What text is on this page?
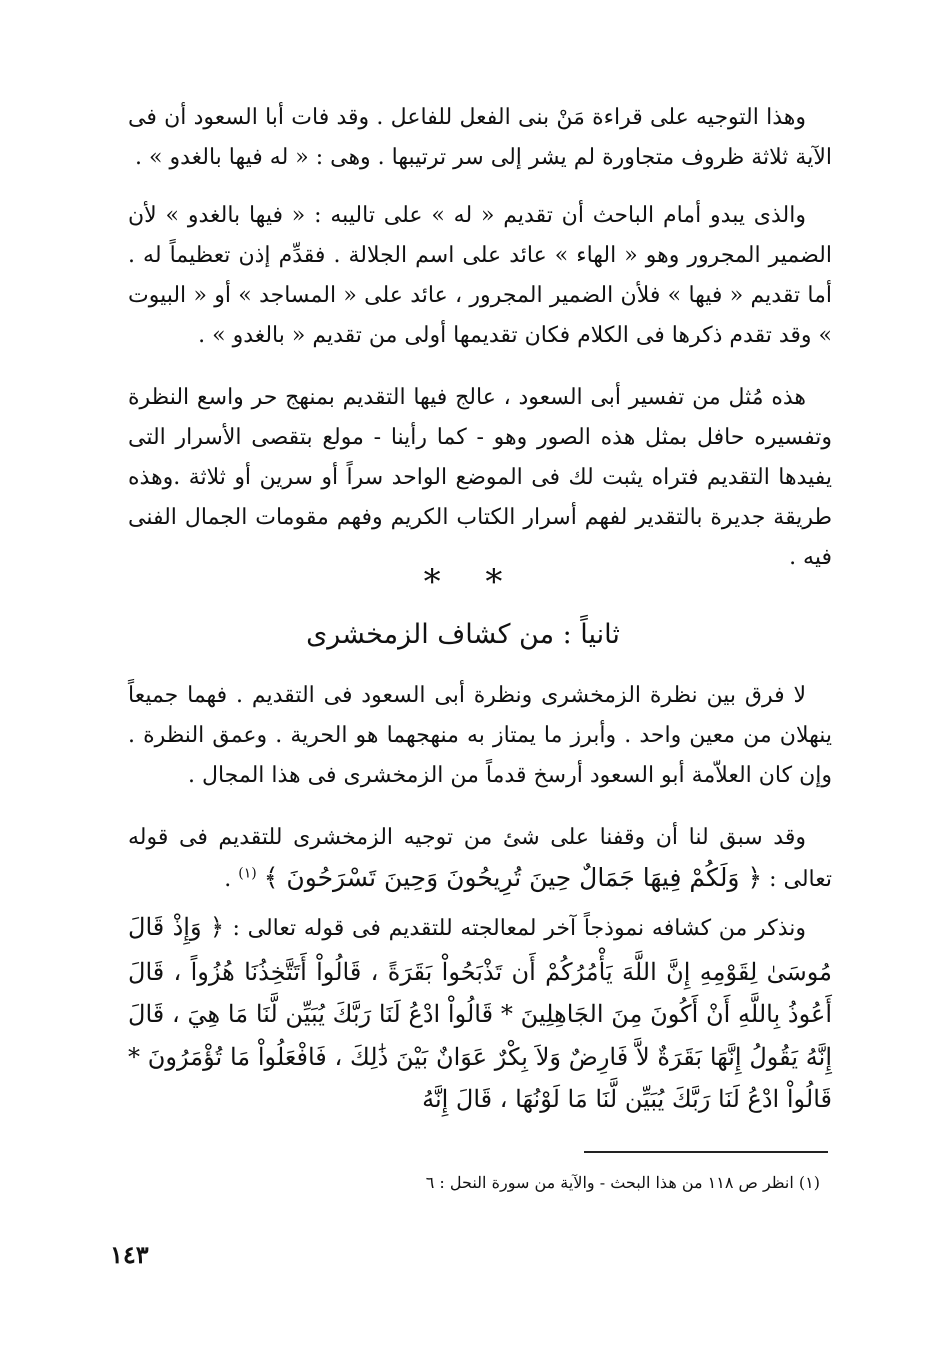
وهذا التوجيه على قراءة مَنْ بنى الفعل للفاعل . وقد فات أبا السعود أن فى الآية ثلاثة ظروف متجاورة لم يشر إلى سر ترتيبها . وهى : « له فيها بالغدو » .

والذى يبدو أمام الباحث أن تقديم « له » على تاليبه : « فيها بالغدو » لأن الضمير المجرور وهو « الهاء » عائد على اسم الجلالة . فقدِّم إذن تعظيماً له . أما تقديم « فيها » فلأن الضمير المجرور ، عائد على « المساجد » أو « البيوت » وقد تقدم ذكرها فى الكلام فكان تقديمها أولى من تقديم « بالغدو » .

هذه مُثل من تفسير أبى السعود ، عالج فيها التقديم بمنهج حر واسع النظرة وتفسيره حافل بمثل هذه الصور وهو - كما رأينا - مولع بتقصى الأسرار التى يفيدها التقديم فتراه يثبت لك فى الموضع الواحد سراً أو سرين أو ثلاثة .وهذه طريقة جديرة بالتقدير لفهم أسرار الكتاب الكريم وفهم مقومات الجمال الفنى فيه .

* *
ثانياً : من كشاف الزمخشرى

لا فرق بين نظرة الزمخشرى ونظرة أبى السعود فى التقديم . فهما جميعاً ينهلان من معين واحد . وأبرز ما يمتاز به منهجهما هو الحرية . وعمق النظرة . وإن كان العلاّمة أبو السعود أرسخ قدماً من الزمخشرى فى هذا المجال .

وقد سبق لنا أن وقفنا على شئ من توجيه الزمخشرى للتقديم فى قوله تعالى : ﴿ وَلَكُمْ فِيهَا جَمَالٌ حِينَ تُرِيحُونَ وَحِينَ تَسْرَحُونَ ﴾ $^{(١)}$ .

ونذكر من كشافه نموذجاً آخر لمعالجته للتقديم فى قوله تعالى : ﴿ وَإِذْ قَالَ مُوسَىٰ لِقَوْمِهِ إِنَّ اللَّهَ يَأْمُرُكُمْ أَن تَذْبَحُواْ بَقَرَةً ، قَالُواْ أَتَتَّخِذُنَا هُزُواً ، قَالَ أَعُوذُ بِاللَّهِ أَنْ أَكُونَ مِنَ الجَاهِلِينَ * قَالُواْ ادْعُ لَنَا رَبَّكَ يُبَيِّن لَّنَا مَا هِيَ ، قَالَ إِنَّهُ يَقُولُ إِنَّهَا بَقَرَةٌ لاَّ فَارِضٌ وَلاَ بِكْرٌ عَوَانٌ بَيْنَ ذَٰلِكَ ، فَافْعَلُواْ مَا تُؤْمَرُونَ * قَالُواْ ادْعُ لَنَا رَبَّكَ يُبَيِّن لَّنَا مَا لَوْنُهَا ، قَالَ إِنَّهُ

(١) انظر ص ١١٨ من هذا البحث - والآية من سورة النحل : ٦
١٤٣
